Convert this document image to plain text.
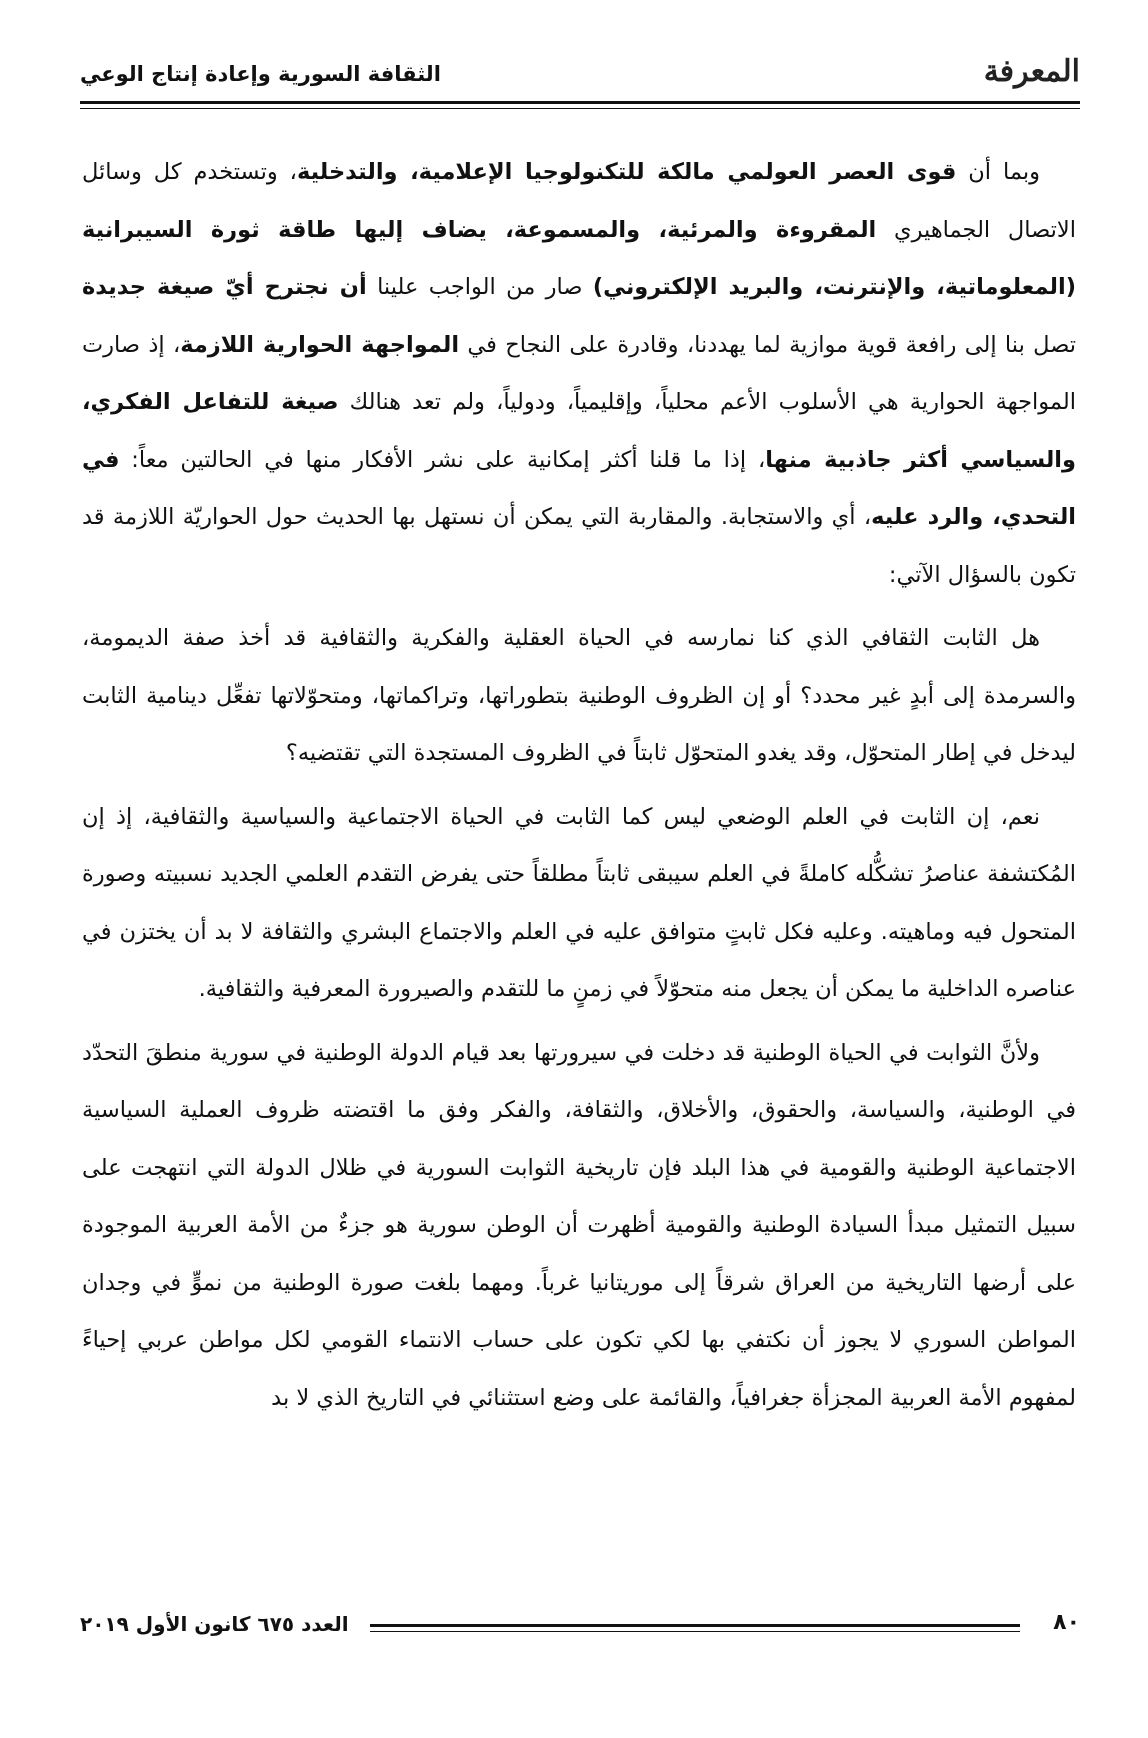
المعرفة
الثقافة السورية وإعادة إنتاج الوعي

وبما أن قوى العصر العولمي مالكة للتكنولوجيا الإعلامية، والتدخلية، وتستخدم كل وسائل الاتصال الجماهيري المقروءة والمرئية، والمسموعة، يضاف إليها طاقة ثورة السيبرانية (المعلوماتية، والإنترنت، والبريد الإلكتروني) صار من الواجب علينا أن نجترح أيّ صيغة جديدة تصل بنا إلى رافعة قوية موازية لما يهددنا، وقادرة على النجاح في المواجهة الحوارية اللازمة، إذ صارت المواجهة الحوارية هي الأسلوب الأعم محلياً، وإقليمياً، ودولياً، ولم تعد هنالك صيغة للتفاعل الفكري، والسياسي أكثر جاذبية منها، إذا ما قلنا أكثر إمكانية على نشر الأفكار منها في الحالتين معاً: في التحدي، والرد عليه، أي والاستجابة. والمقاربة التي يمكن أن نستهل بها الحديث حول الحواريّة اللازمة قد تكون بالسؤال الآتي:

هل الثابت الثقافي الذي كنا نمارسه في الحياة العقلية والفكرية والثقافية قد أخذ صفة الديمومة، والسرمدة إلى أبدٍ غير محدد؟ أو إن الظروف الوطنية بتطوراتها، وتراكماتها، ومتحوّلاتها تفعِّل دينامية الثابت ليدخل في إطار المتحوّل، وقد يغدو المتحوّل ثابتاً في الظروف المستجدة التي تقتضيه؟

نعم، إن الثابت في العلم الوضعي ليس كما الثابت في الحياة الاجتماعية والسياسية والثقافية، إذ إن المُكتشفة عناصرُ تشكُّله كاملةً في العلم سيبقى ثابتاً مطلقاً حتى يفرض التقدم العلمي الجديد نسبيته وصورة المتحول فيه وماهيته. وعليه فكل ثابتٍ متوافق عليه في العلم والاجتماع البشري والثقافة لا بد أن يختزن في عناصره الداخلية ما يمكن أن يجعل منه متحوّلاً في زمنٍ ما للتقدم والصيرورة المعرفية والثقافية.

ولأنَّ الثوابت في الحياة الوطنية قد دخلت في سيرورتها بعد قيام الدولة الوطنية في سورية منطقَ التحدّد في الوطنية، والسياسة، والحقوق، والأخلاق، والثقافة، والفكر وفق ما اقتضته ظروف العملية السياسية الاجتماعية الوطنية والقومية في هذا البلد فإن تاريخية الثوابت السورية في ظلال الدولة التي انتهجت على سبيل التمثيل مبدأ السيادة الوطنية والقومية أظهرت أن الوطن سورية هو جزءٌ من الأمة العربية الموجودة على أرضها التاريخية من العراق شرقاً إلى موريتانيا غرباً. ومهما بلغت صورة الوطنية من نموٍّ في وجدان المواطن السوري لا يجوز أن نكتفي بها لكي تكون على حساب الانتماء القومي لكل مواطن عربي إحياءً لمفهوم الأمة العربية المجزأة جغرافياً، والقائمة على وضع استثنائي في التاريخ الذي لا بد

٨٠
العدد ٦٧٥ كانون الأول ٢٠١٩
